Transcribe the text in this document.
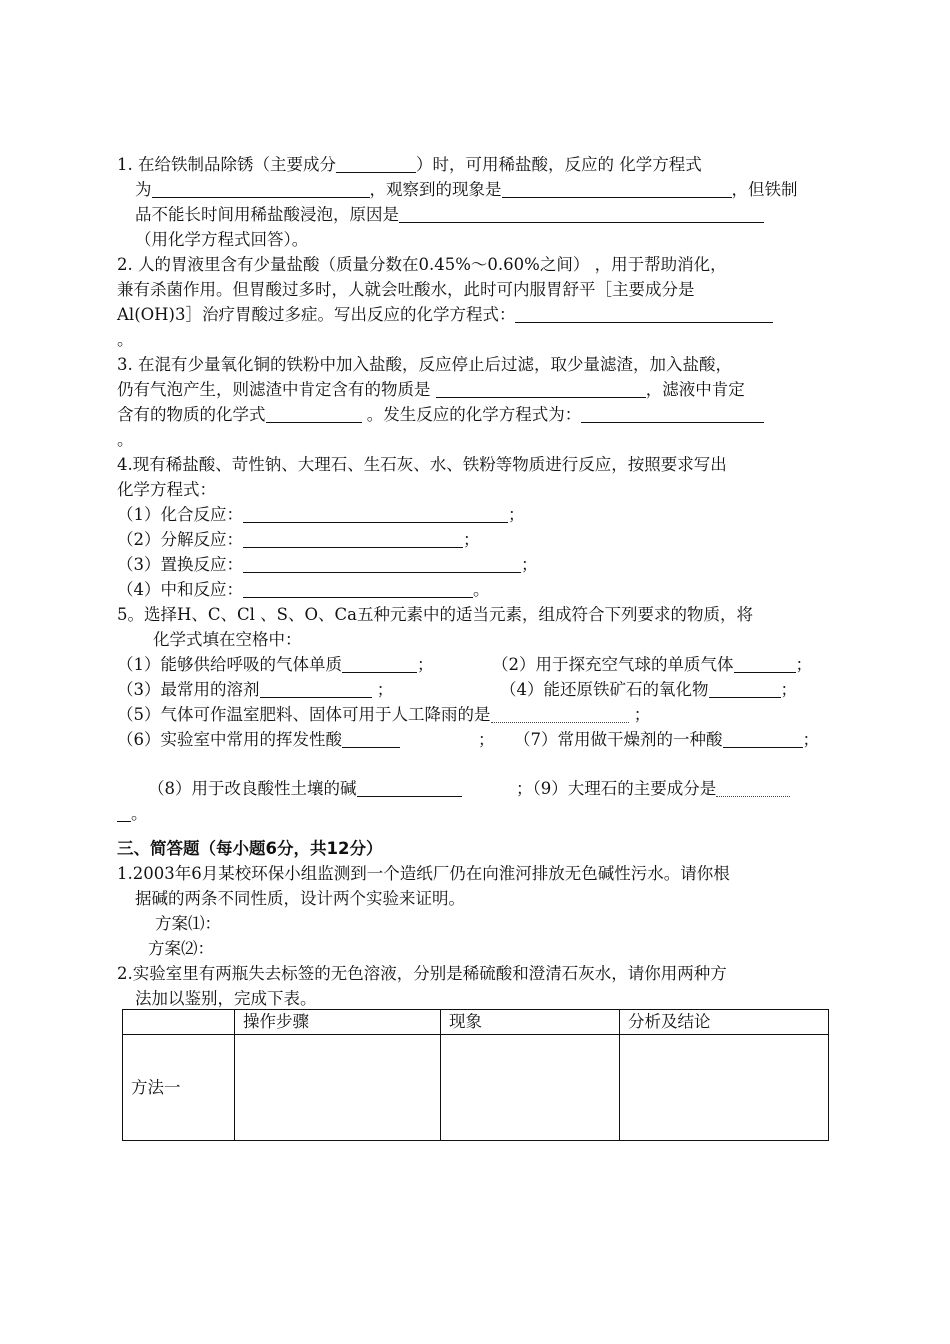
1. 在给铁制品除锈（主要成分	）时，可用稀盐酸，反应的 化学方程式
为	，观察到的现象是	，但铁制
品不能长时间用稀盐酸浸泡，原因是
（用化学方程式回答）。
2. 人的胃液里含有少量盐酸（质量分数在0.45%～0.60%之间） ，用于帮助消化，
兼有杀菌作用。但胃酸过多时，人就会吐酸水，此时可内服胃舒平［主要成分是
Al(OH)3］治疗胃酸过多症。写出反应的化学方程式：
。
3. 在混有少量氧化铜的铁粉中加入盐酸，反应停止后过滤，取少量滤渣，加入盐酸，
仍有气泡产生，则滤渣中肯定含有的物质是	，滤液中肯定
含有的物质的化学式	。发生反应的化学方程式为：
。
4.现有稀盐酸、苛性钠、大理石、生石灰、水、铁粉等物质进行反应，按照要求写出
化学方程式：
（1）化合反应：	；
（2）分解反应：	；
（3）置换反应：	；
（4）中和反应：	。
5。选择H、C、Cl 、S、O、Ca五种元素中的适当元素，组成符合下列要求的物质，将
化学式填在空格中：
（1）能够供给呼吸的气体单质	；	（2）用于探充空气球的单质气体	；
（3）最常用的溶剂	；	（4）能还原铁矿石的氧化物	；
（5）气体可作温室肥料、固体可用于人工降雨的是	；
（6）实验室中常用的挥发性酸	； （7）常用做干燥剂的一种酸	；
（8）用于改良酸性土壤的碱	；（9）大理石的主要成分是
。
三、简答题（每小题6分，共12分）
1.2003年6月某校环保小组监测到一个造纸厂仍在向淮河排放无色碱性污水。请你根
据碱的两条不同性质，设计两个实验来证明。
方案⑴：
方案⑵：
2.实验室里有两瓶失去标签的无色溶液，分别是稀硫酸和澄清石灰水，请你用两种方
法加以鉴别，完成下表。
	操作步骤	现象	分析及结论
方法一			
